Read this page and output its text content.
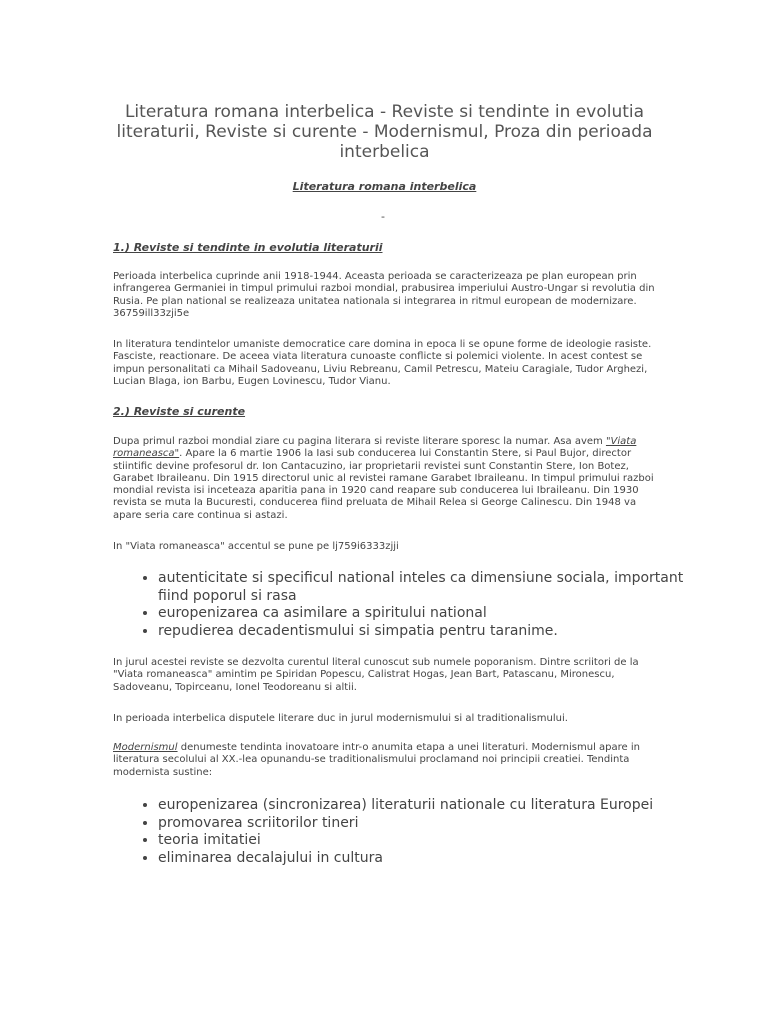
Literatura romana interbelica - Reviste si tendinte in evolutia literaturii, Reviste si curente - Modernismul, Proza din perioada interbelica
Literatura romana interbelica
-
1.) Reviste si tendinte in evolutia literaturii

Perioada interbelica cuprinde anii 1918-1944. Aceasta perioada se caracterizeaza pe plan european prin infrangerea Germaniei in timpul primului razboi mondial, prabusirea imperiului Austro-Ungar si revolutia din Rusia. Pe plan national se realizeaza unitatea nationala si integrarea in ritmul european de modernizare. 36759ill33zji5e

In literatura tendintelor umaniste democratice care domina in epoca li se opune forme de ideologie rasiste. Fasciste, reactionare. De aceea viata literatura cunoaste conflicte si polemici violente. In acest contest se impun personalitati ca Mihail Sadoveanu, Liviu Rebreanu, Camil Petrescu, Mateiu Caragiale, Tudor Arghezi, Lucian Blaga, ion Barbu, Eugen Lovinescu, Tudor Vianu.

2.) Reviste si curente

Dupa primul razboi mondial ziare cu pagina literara si reviste literare sporesc la numar. Asa avem "Viata romaneasca". Apare la 6 martie 1906 la Iasi sub conducerea lui Constantin Stere, si Paul Bujor, director stiintific devine profesorul dr. Ion Cantacuzino, iar proprietarii revistei sunt Constantin Stere, Ion Botez, Garabet Ibraileanu. Din 1915 directorul unic al revistei ramane Garabet Ibraileanu. In timpul primului razboi mondial revista isi inceteaza aparitia pana in 1920 cand reapare sub conducerea lui Ibraileanu. Din 1930 revista se muta la Bucuresti, conducerea fiind preluata de Mihail Relea si George Calinescu. Din 1948 va apare seria care continua si astazi.

In "Viata romaneasca" accentul se pune pe lj759i6333zjji

• autenticitate si specificul national inteles ca dimensiune sociala, important fiind poporul si rasa
• europenizarea ca asimilare a spiritului national
• repudierea decadentismului si simpatia pentru taranime.

In jurul acestei reviste se dezvolta curentul literal cunoscut sub numele poporanism. Dintre scriitori de la "Viata romaneasca" amintim pe Spiridan Popescu, Calistrat Hogas, Jean Bart, Patascanu, Mironescu, Sadoveanu, Topirceanu, Ionel Teodoreanu si altii.

In perioada interbelica disputele literare duc in jurul modernismului si al traditionalismului.

Modernismul denumeste tendinta inovatoare intr-o anumita etapa a unei literaturi. Modernismul apare in literatura secolului al XX.-lea opunandu-se traditionalismului proclamand noi principii creatiei. Tendinta modernista sustine:

• europenizarea (sincronizarea) literaturii nationale cu literatura Europei
• promovarea scriitorilor tineri
• teoria imitatiei
• eliminarea decalajului in cultura
